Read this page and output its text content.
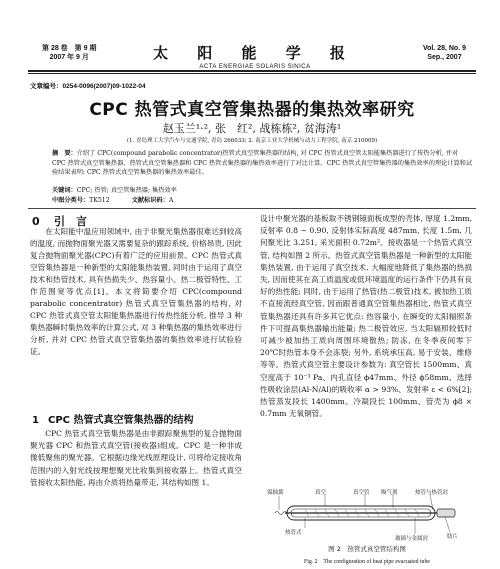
第 28 卷　第 9 期
2007 年 9 月	太 阳 能 学 报
ACTA ENERGIAE SOLARIS SINICA
Vol. 28, No. 9
Sep., 2007
文章编号：0254-0096(2007)09-1022-04
CPC 热管式真空管集热器的集热效率研究
赵玉兰¹·², 张　红², 战栋栋², 贫海涛¹
(1. 青岛理工大学汽车与交通学院, 青岛 266033; 2. 南京工业大学机械与动力工程学院, 南京 210009)
摘　要：介绍了 CPC(compound parabolic concentrator)热管式真空管集热器的结构, 对 CPC 热管式真空管太阳能集热器进行了传热分析, 并对 CPC 热管式真空管集热器、热管式真空管集热器和 CPC 热管式集热器的集热效率进行了对比计算。CPC 热管式真空管集热器的集热效率的理论计算和试验结果表明: CPC 热管式真空管集热器的集热效率最佳。
关键词：CPC; 热管; 真空管集热器; 集热效率
中图分类号：TK512	文献标识码：A
0 引　言

在太阳能中温应用领域中, 由于非聚光集热器很难达到较高的温度, 而抛物面聚光器又需要复杂的跟踪系统, 价格昂贵, 因此复合抛物面聚光器(CPC)有着广泛的应用前景。CPC 热管式真空管集热器是一种新型的太阳能集热装置, 同时由于运用了真空技术和热管技术, 具有热损失少、热容量小、热二极管特性、工作范围宽等优点[1]。本文将简要介绍 CPC(compound parabolic concentrator) 热管式真空管集热器的结构, 对 CPC 热管式真空管太阳能集热器进行传热性能分析, 推导 3 种集热器瞬时集热效率的计算公式, 对 3 种集热器的集热效率进行分析, 并对 CPC 热管式真空管集热器的集热效率进行试验验证。

1 CPC 热管式真空管集热器的结构

CPC 热管式真空管集热器是由非跟踪聚焦型的复合抛物面聚光器 CPC 和热管式真空管(接收器)组成。CPC 是一种非成像低聚焦的聚光器。它根据边缘光线原理设计, 可将给定接收角范围内的入射光线按理想聚光比收集到接收器上。热管式真空管接收太阳热能, 再由介质将热量带走, 其结构如图 1。

设计中聚光器的基板取不锈钢镜面板成型的壳体, 厚度 1.2mm, 反射率 0.8 ~ 0.90, 反射体实际高度 487mm, 长度 1.5m, 几何聚光比 3.251, 采光面积 0.72m²。接收器是一个热管式真空管, 结构如图 2 所示。热管式真空管集热器是一种新型的太阳能集热装置, 由于运用了真空技术, 大幅度地降低了集热器的热损失, 因而使其在高工质温度或低环境温度的运行条件下仍具有良好的热性能; 同时, 由于运用了热管(热二极管)技术, 被加热工质不直接流经真空管, 因而跟普通真空管集热器相比, 热管式真空管集热器还具有许多其它优点: 热容量小, 在瞬变的太阳辐照条件下可提高集热器输出能量; 热二极管效应, 当太阳辐照较低时可减少被加热工质向周围环境散热; 防冻, 在冬季夜间零下 20℃时热管本身不会冻裂; 另外, 系统承压高, 易于安装、维修等等。热管式真空管主要设计参数为: 真空管长 1500mm、真空度高于 10⁻³ Pa、内孔直径 ϕ47mm、外径 ϕ58mm、选择性吸收涂层(Al-N/Al)的吸收率 α > 93%、发射率 ε < 6%[2]; 热管蒸发段长 1400mm、冷凝段长 100mm、管壳为 ϕ8 × 0.7mm 无氧铜管。

保抽簧	真空	真空管 吸气剂	热管与热管封
热管式
玻璃与金属封	肋片
图 2　热管式真空管结构图
Fig. 2　The configuration of heat pipe evacuated tube
